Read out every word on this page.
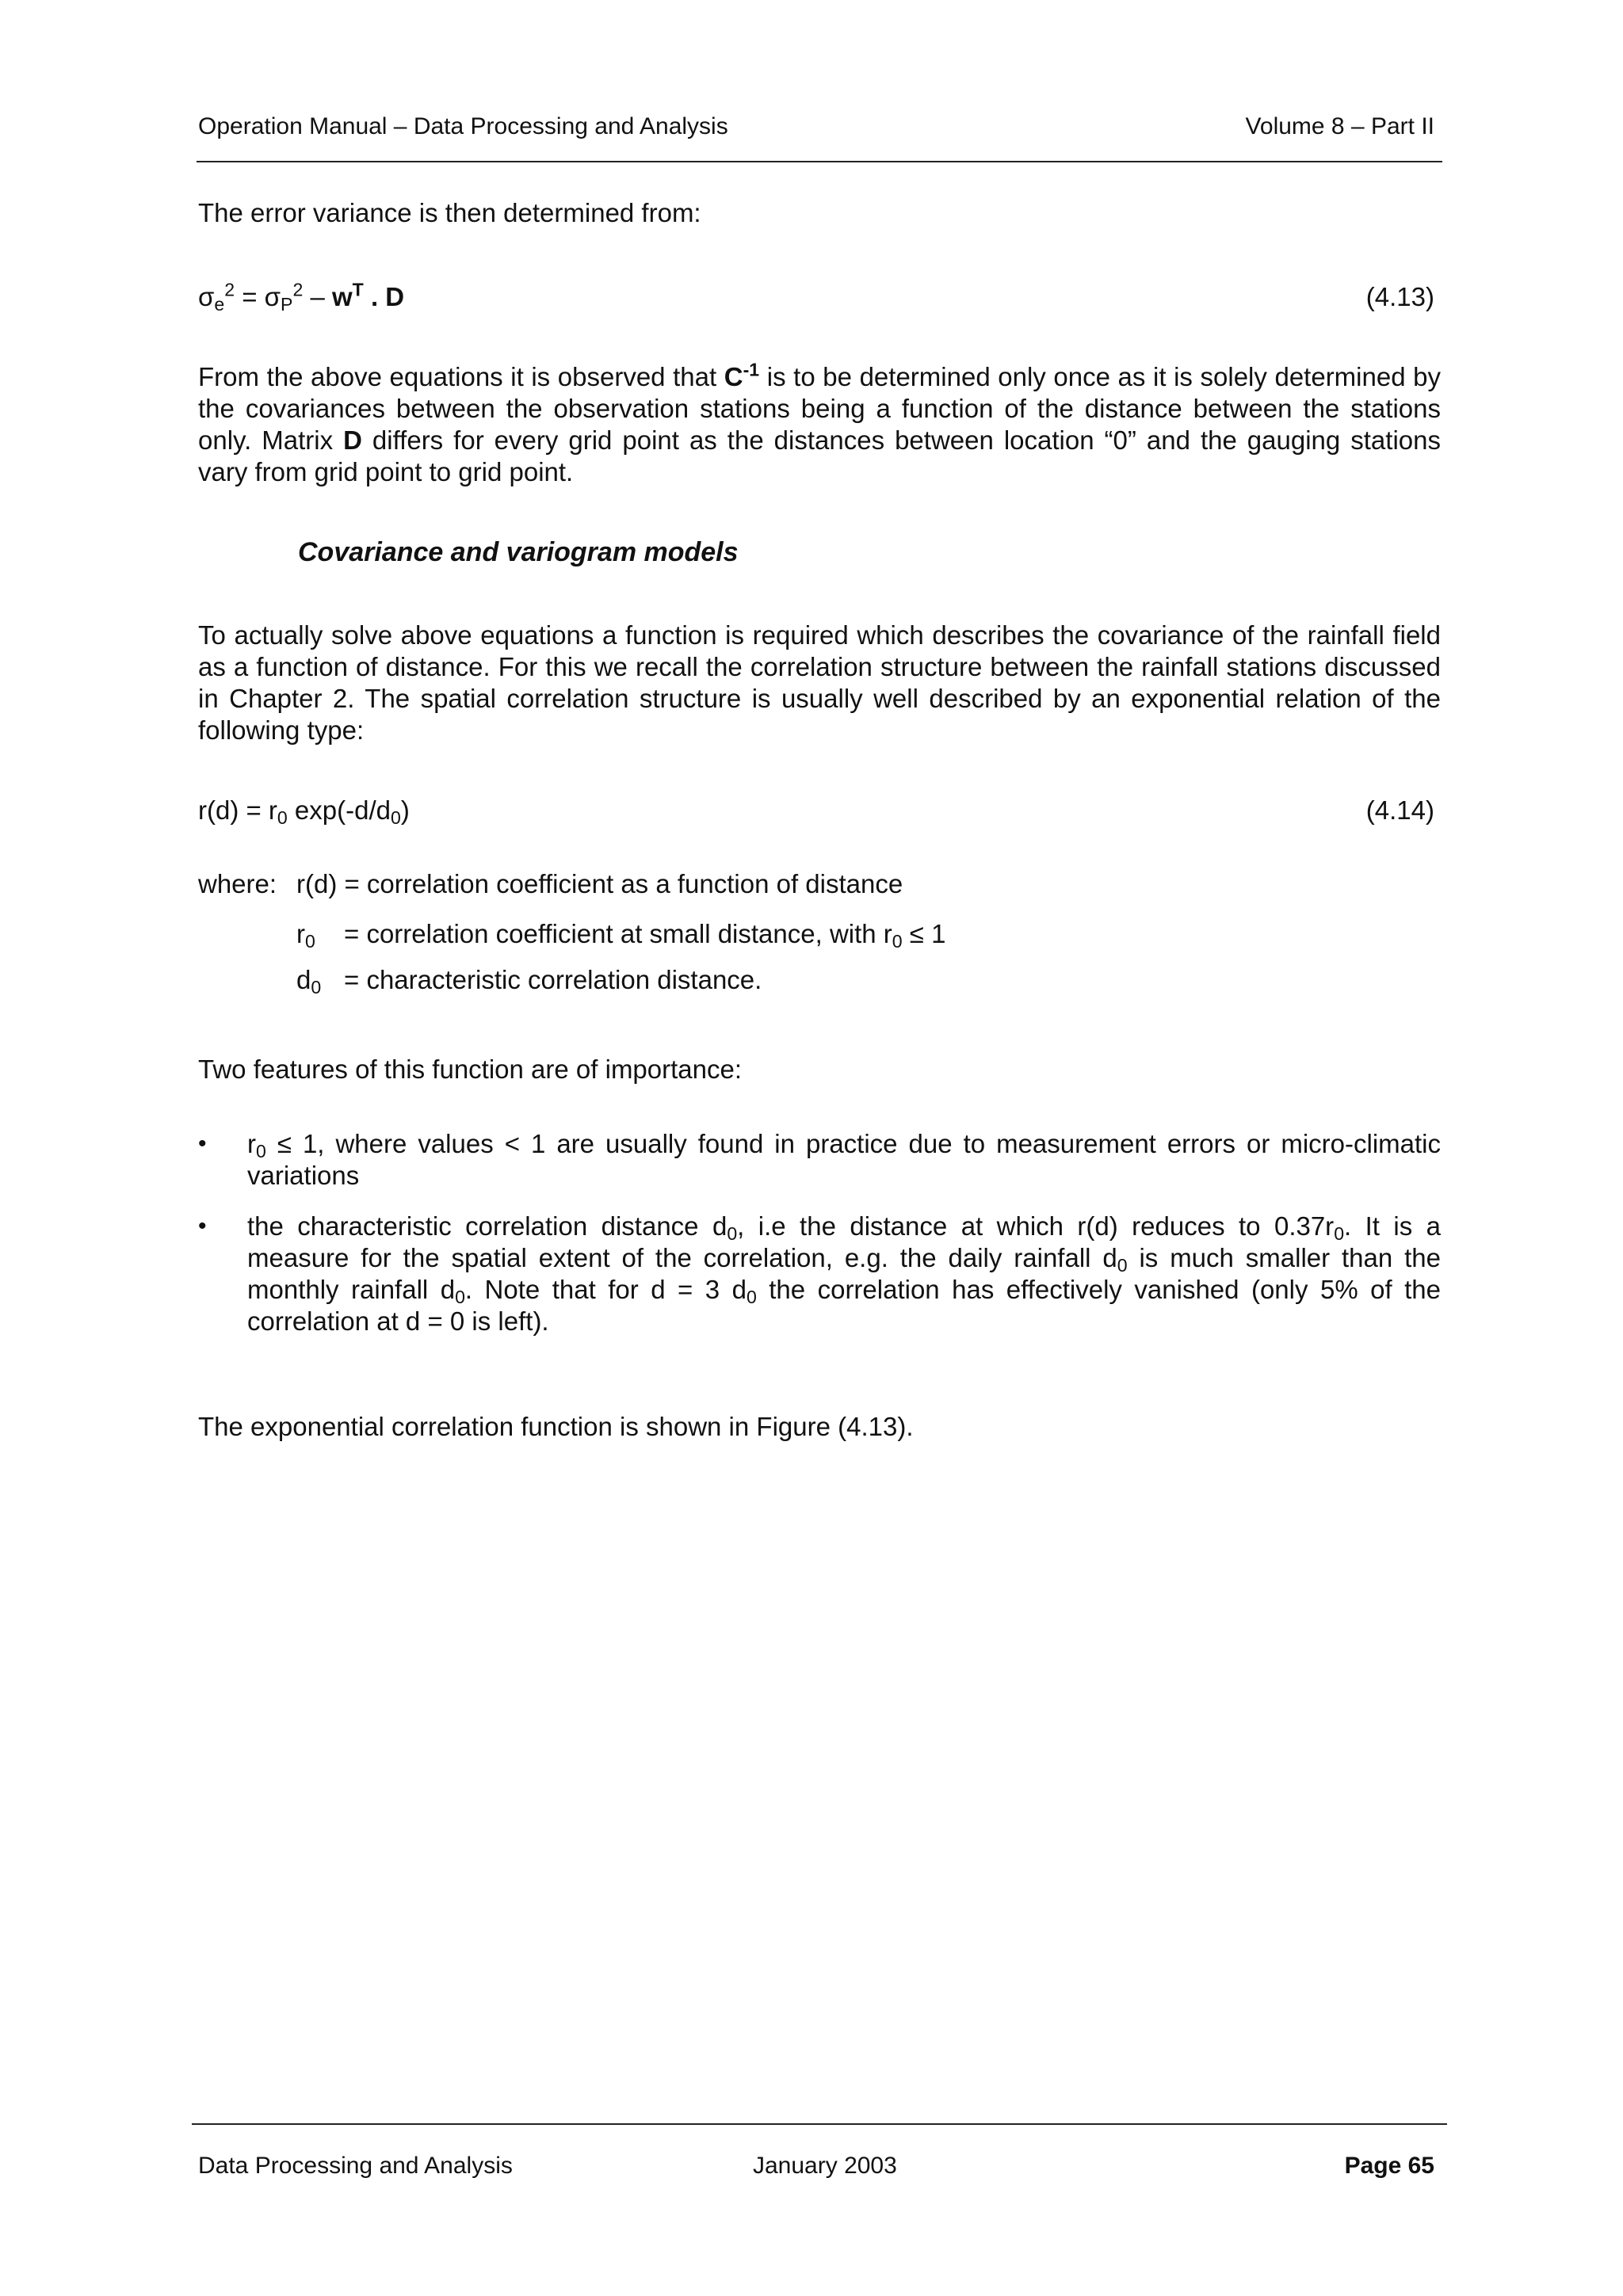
Operation Manual – Data Processing and Analysis	Volume 8 – Part II
The error variance is then determined from:
$\sigma_e^2 = \sigma_P^2 - w^T$ . D	(4.13)
From the above equations it is observed that $C^{-1}$ is to be determined only once as it is solely determined by the covariances between the observation stations being a function of the distance between the stations only. Matrix D differs for every grid point as the distances between location “0” and the gauging stations vary from grid point to grid point.
Covariance and variogram models
To actually solve above equations a function is required which describes the covariance of the rainfall field as a function of distance. For this we recall the correlation structure between the rainfall stations discussed in Chapter 2. The spatial correlation structure is usually well described by an exponential relation of the following type:
$r(d) = r_0$ $\exp(-d/d_0)$	(4.14)
where: r(d) = correlation coefficient as a function of distance
$r_0$ = correlation coefficient at small distance, with $r_0 \le 1$
$d_0$ = characteristic correlation distance.
Two features of this function are of importance:
• $r_0 \le 1$, where values < 1 are usually found in practice due to measurement errors or micro-climatic variations
• the characteristic correlation distance $d_0$, i.e the distance at which r(d) reduces to $0.37r_0$. It is a measure for the spatial extent of the correlation, e.g. the daily rainfall $d_0$ is much smaller than the monthly rainfall $d_0$. Note that for d = 3 $d_0$ the correlation has effectively vanished (only 5% of the correlation at d = 0 is left).
The exponential correlation function is shown in Figure (4.13).
Data Processing and Analysis	January 2003	Page 65
